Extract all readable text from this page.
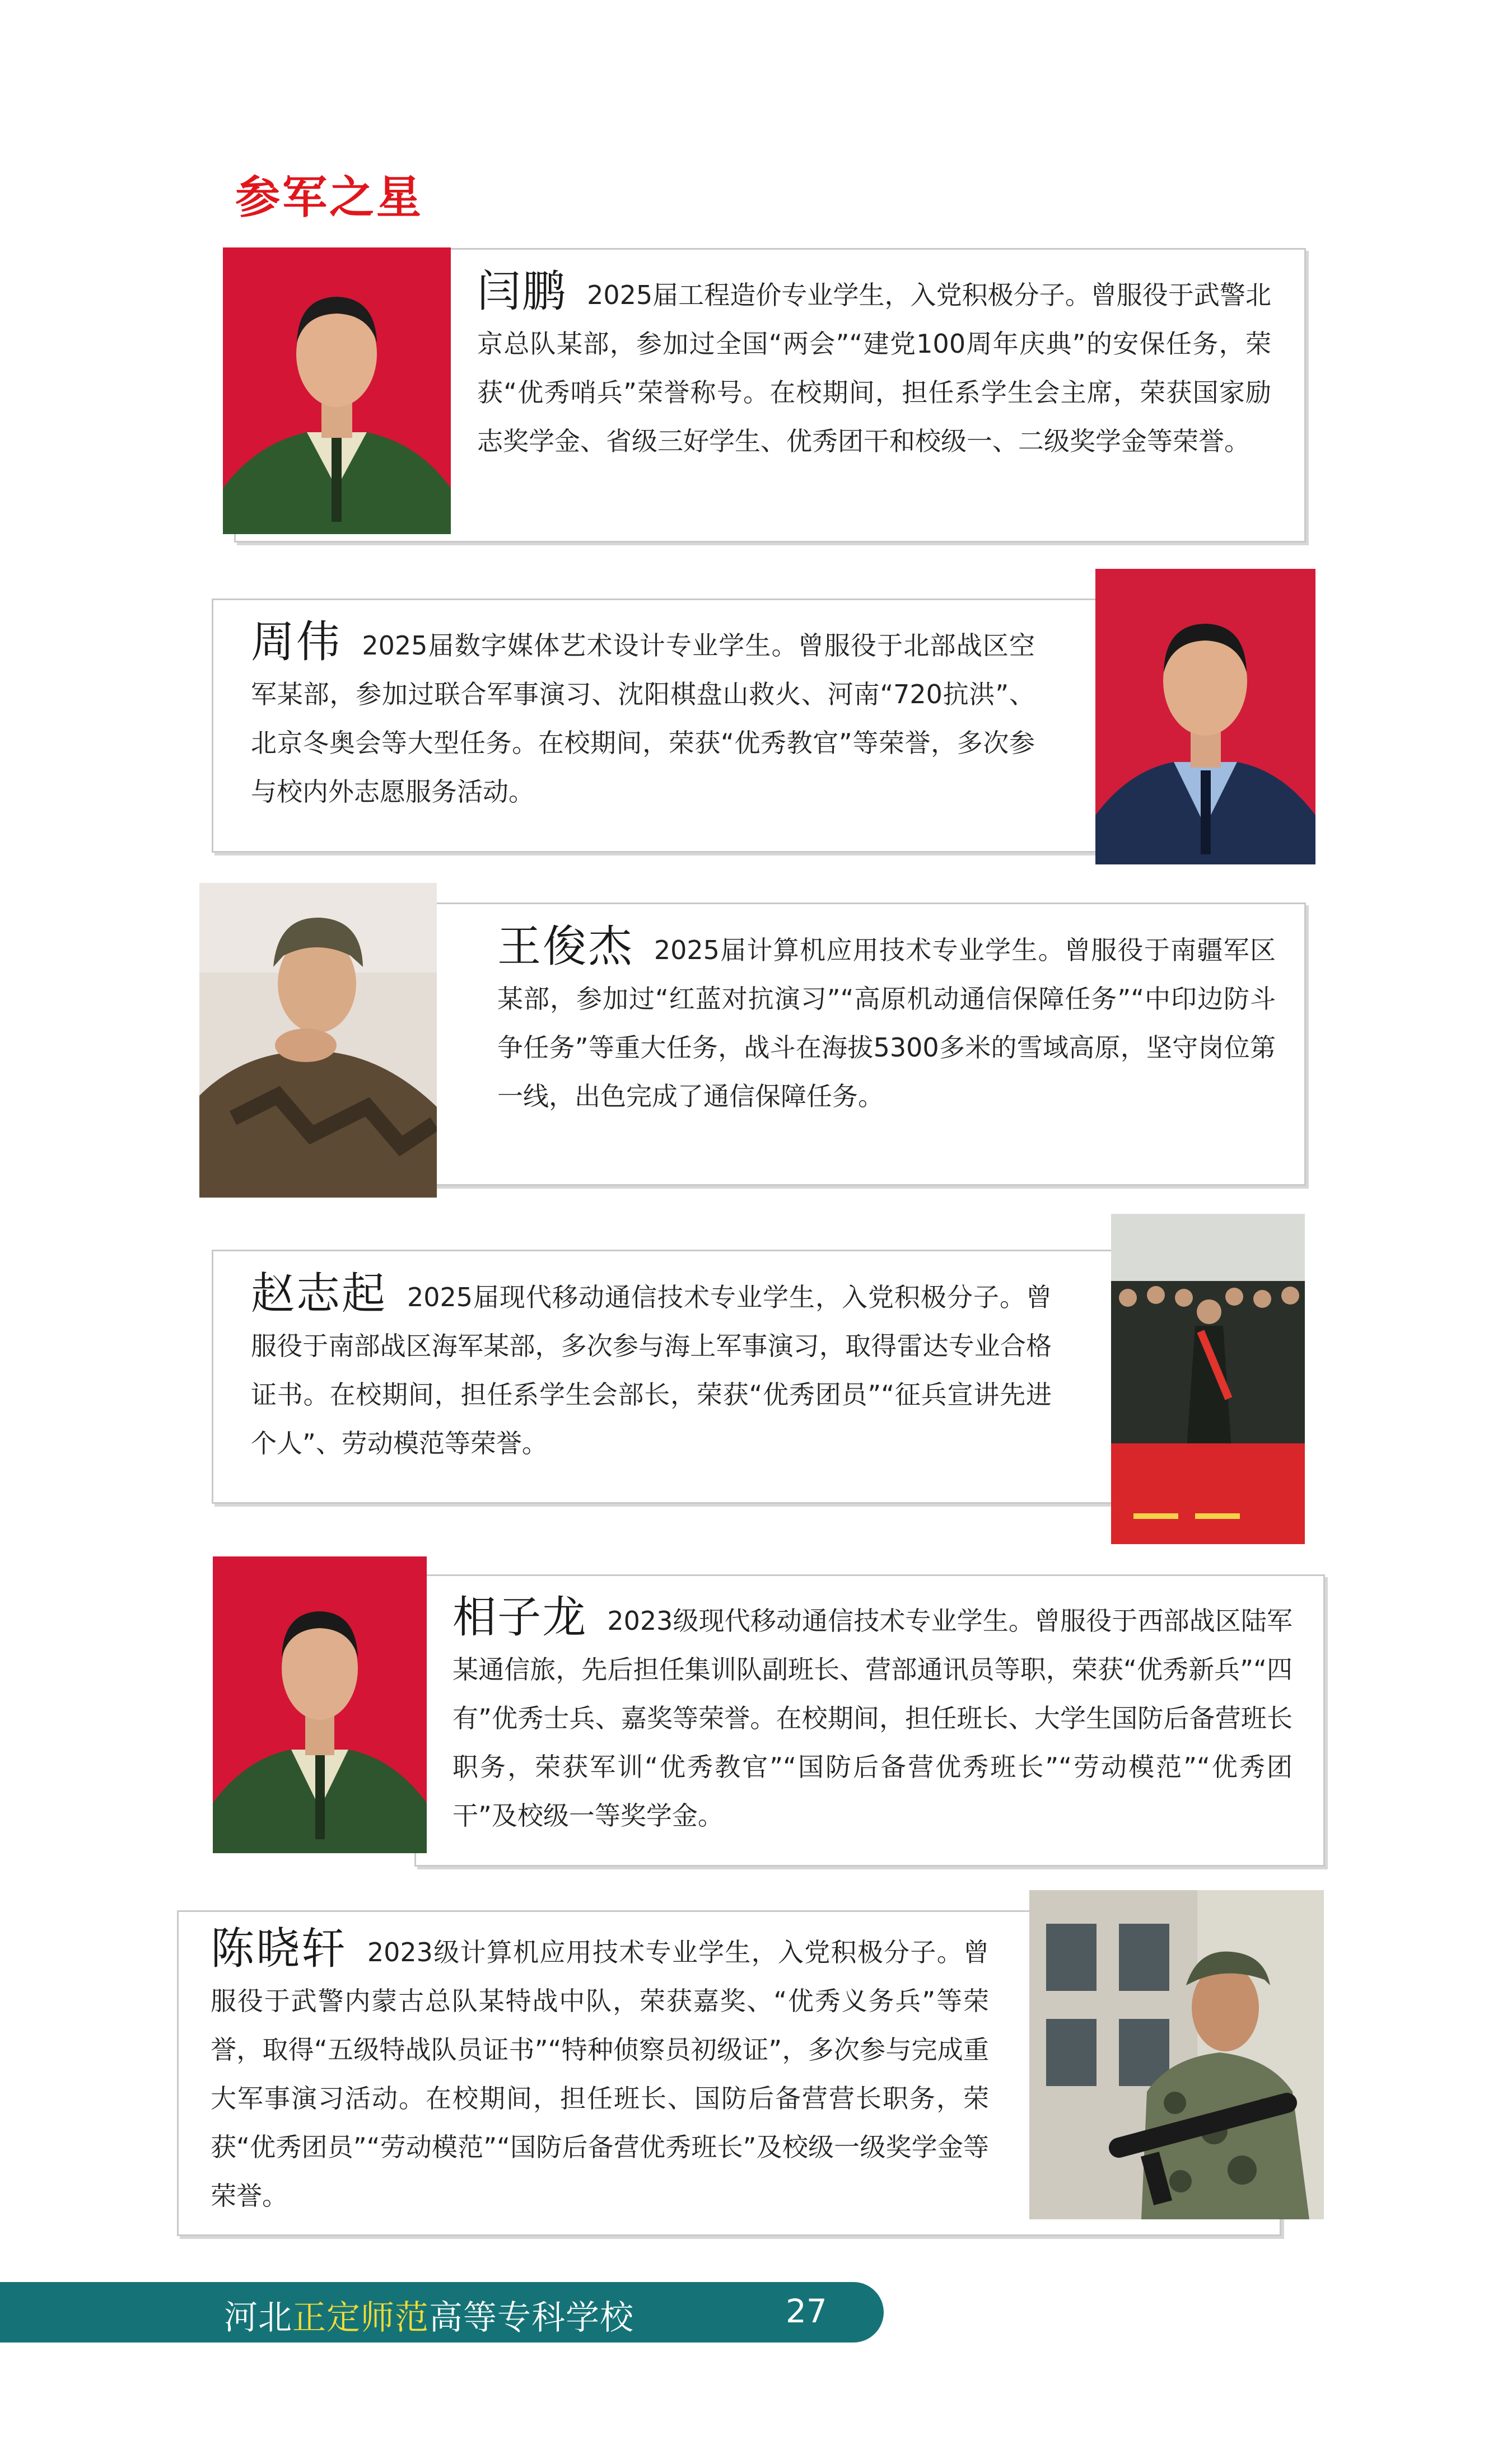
参军之星
闫鹏 2025届工程造价专业学生，入党积极分子。曾服役于武警北京总队某部，参加过全国“两会”“建党100周年庆典”的安保任务，荣获“优秀哨兵”荣誉称号。在校期间，担任系学生会主席，荣获国家励志奖学金、省级三好学生、优秀团干和校级一、二级奖学金等荣誉。
周伟 2025届数字媒体艺术设计专业学生。曾服役于北部战区空军某部，参加过联合军事演习、沈阳棋盘山救火、河南“720抗洪”、北京冬奥会等大型任务。在校期间，荣获“优秀教官”等荣誉，多次参与校内外志愿服务活动。
王俊杰 2025届计算机应用技术专业学生。曾服役于南疆军区某部，参加过“红蓝对抗演习”“高原机动通信保障任务”“中印边防斗争任务”等重大任务，战斗在海拔5300多米的雪域高原，坚守岗位第一线，出色完成了通信保障任务。
赵志起 2025届现代移动通信技术专业学生，入党积极分子。曾服役于南部战区海军某部，多次参与海上军事演习，取得雷达专业合格证书。在校期间，担任系学生会部长，荣获“优秀团员”“征兵宣讲先进个人”、劳动模范等荣誉。
相子龙 2023级现代移动通信技术专业学生。曾服役于西部战区陆军某通信旅，先后担任集训队副班长、营部通讯员等职，荣获“优秀新兵”“四有”优秀士兵、嘉奖等荣誉。在校期间，担任班长、大学生国防后备营班长职务，荣获军训“优秀教官”“国防后备营优秀班长”“劳动模范”“优秀团干”及校级一等奖学金。
陈晓轩 2023级计算机应用技术专业学生，入党积极分子。曾服役于武警内蒙古总队某特战中队，荣获嘉奖、“优秀义务兵”等荣誉，取得“五级特战队员证书”“特种侦察员初级证”，多次参与完成重大军事演习活动。在校期间，担任班长、国防后备营营长职务，荣获“优秀团员”“劳动模范”“国防后备营优秀班长”及校级一级奖学金等荣誉。
河北正定师范高等专科学校	27
